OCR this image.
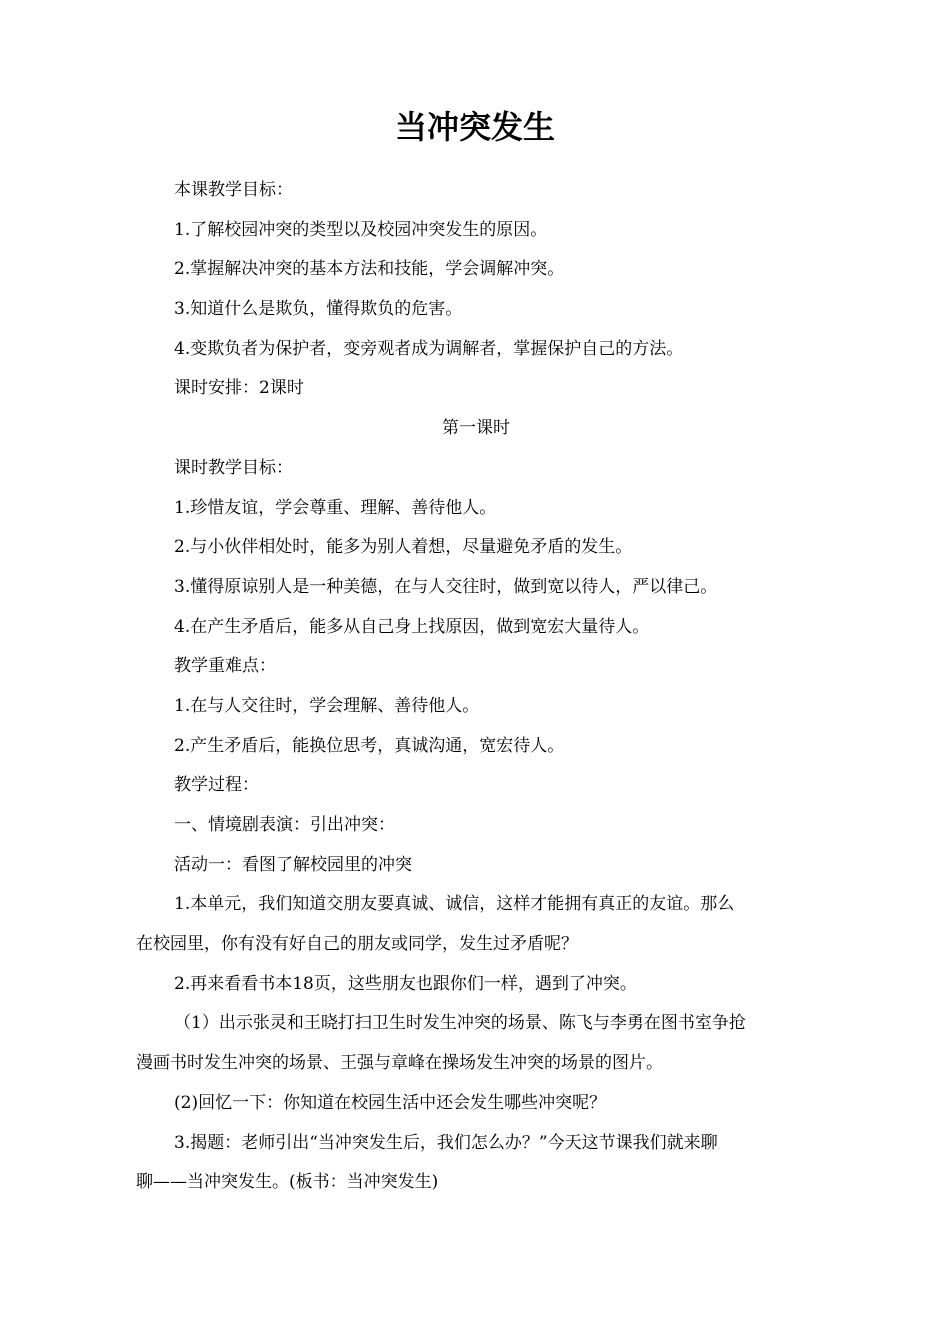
当冲突发生
本课教学目标：
1.了解校园冲突的类型以及校园冲突发生的原因。
2.掌握解决冲突的基本方法和技能，学会调解冲突。
3.知道什么是欺负，懂得欺负的危害。
4.变欺负者为保护者，变旁观者成为调解者，掌握保护自己的方法。
课时安排：2课时
第一课时
课时教学目标：
1.珍惜友谊，学会尊重、理解、善待他人。
2.与小伙伴相处时，能多为别人着想，尽量避免矛盾的发生。
3.懂得原谅别人是一种美德，在与人交往时，做到宽以待人，严以律己。
4.在产生矛盾后，能多从自己身上找原因，做到宽宏大量待人。
教学重难点：
1.在与人交往时，学会理解、善待他人。
2.产生矛盾后，能换位思考，真诚沟通，宽宏待人。
教学过程：
一、情境剧表演：引出冲突：
活动一：看图了解校园里的冲突
1.本单元，我们知道交朋友要真诚、诚信，这样才能拥有真正的友谊。那么
在校园里，你有没有好自己的朋友或同学，发生过矛盾呢？
2.再来看看书本18页，这些朋友也跟你们一样，遇到了冲突。
（1）出示张灵和王晓打扫卫生时发生冲突的场景、陈飞与李勇在图书室争抢
漫画书时发生冲突的场景、王强与章峰在操场发生冲突的场景的图片。
(2)回忆一下：你知道在校园生活中还会发生哪些冲突呢？
3.揭题：老师引出“当冲突发生后，我们怎么办？”今天这节课我们就来聊
聊——当冲突发生。(板书：当冲突发生)
